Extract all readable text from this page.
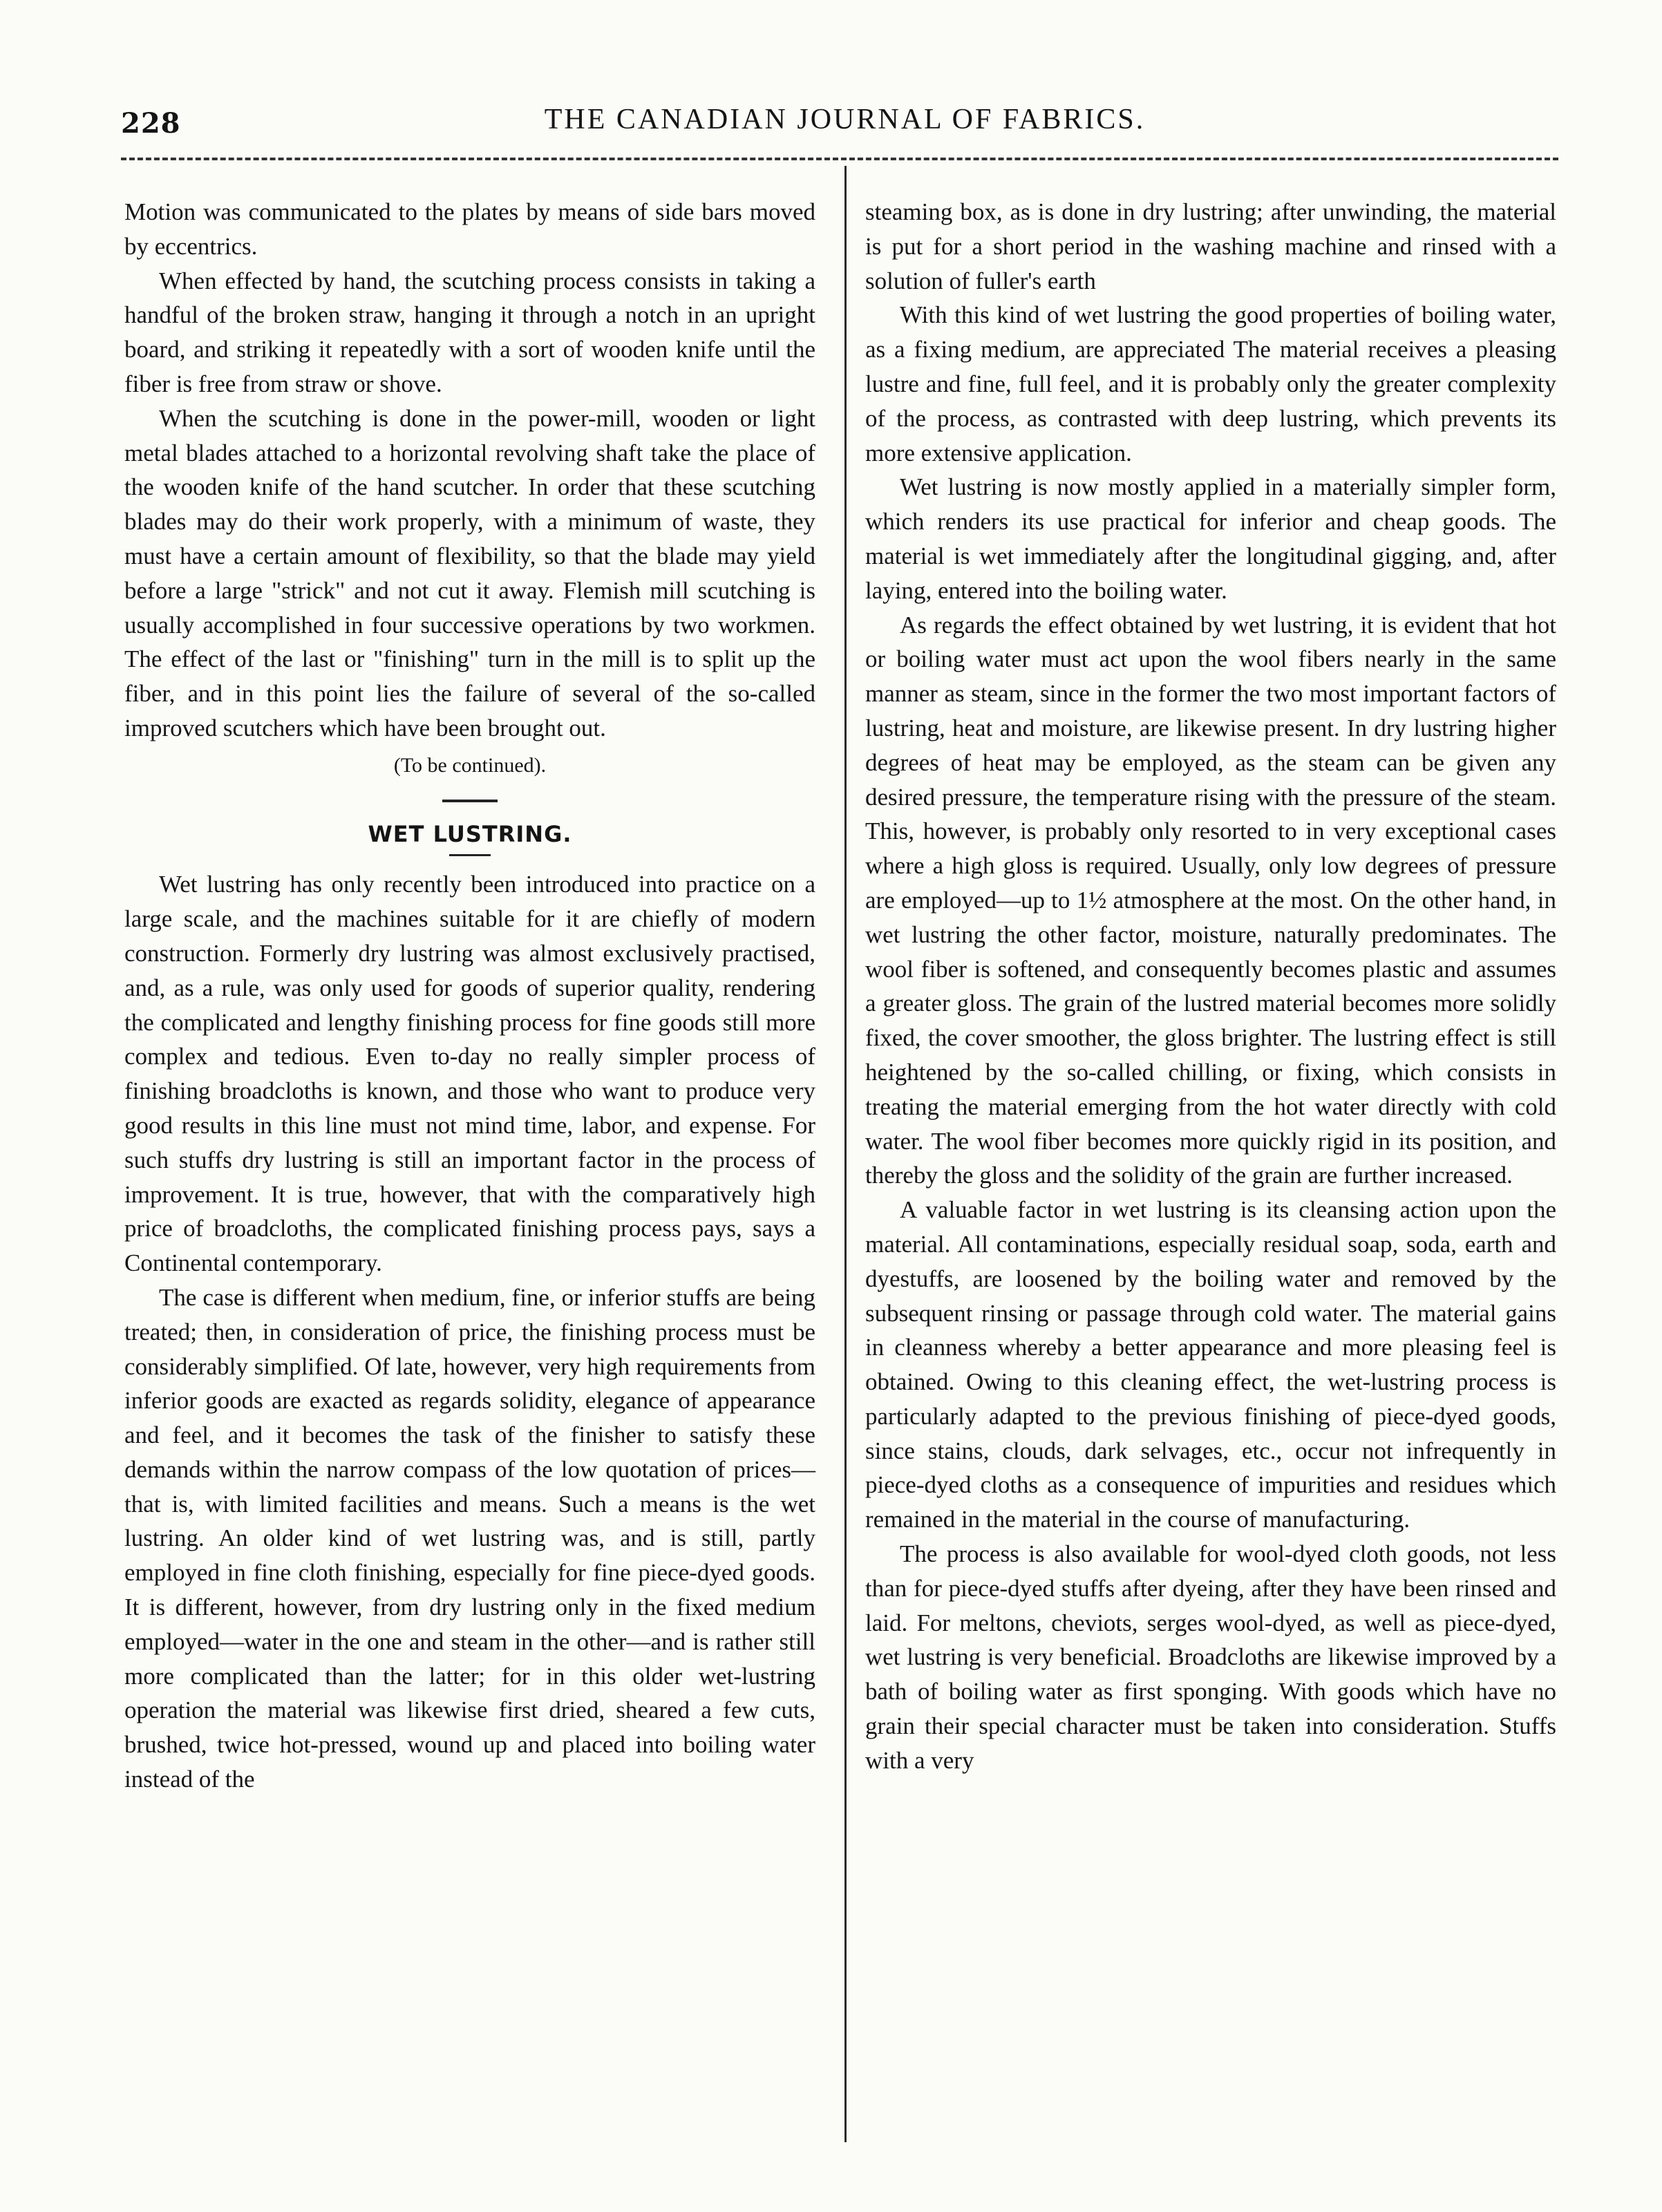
228	THE CANADIAN JOURNAL OF FABRICS.

Motion was communicated to the plates by means of side bars moved by eccentrics.

When effected by hand, the scutching process consists in taking a handful of the broken straw, hanging it through a notch in an upright board, and striking it repeatedly with a sort of wooden knife until the fiber is free from straw or shove.

When the scutching is done in the power-mill, wooden or light metal blades attached to a horizontal revolving shaft take the place of the wooden knife of the hand scutcher. In order that these scutching blades may do their work properly, with a minimum of waste, they must have a certain amount of flexibility, so that the blade may yield before a large "strick" and not cut it away. Flemish mill scutching is usually accomplished in four successive operations by two workmen. The effect of the last or "finishing" turn in the mill is to split up the fiber, and in this point lies the failure of several of the so-called improved scutchers which have been brought out.

(To be continued).
WET LUSTRING.

Wet lustring has only recently been introduced into practice on a large scale, and the machines suitable for it are chiefly of modern construction. Formerly dry lustring was almost exclusively practised, and, as a rule, was only used for goods of superior quality, rendering the complicated and lengthy finishing process for fine goods still more complex and tedious. Even to-day no really simpler process of finishing broadcloths is known, and those who want to produce very good results in this line must not mind time, labor, and expense. For such stuffs dry lustring is still an important factor in the process of improvement. It is true, however, that with the comparatively high price of broadcloths, the complicated finishing process pays, says a Continental contemporary.

The case is different when medium, fine, or inferior stuffs are being treated; then, in consideration of price, the finishing process must be considerably simplified. Of late, however, very high requirements from inferior goods are exacted as regards solidity, elegance of appearance and feel, and it becomes the task of the finisher to satisfy these demands within the narrow compass of the low quotation of prices—that is, with limited facilities and means. Such a means is the wet lustring. An older kind of wet lustring was, and is still, partly employed in fine cloth finishing, especially for fine piece-dyed goods. It is different, however, from dry lustring only in the fixed medium employed—water in the one and steam in the other—and is rather still more complicated than the latter; for in this older wet-lustring operation the material was likewise first dried, sheared a few cuts, brushed, twice hot-pressed, wound up and placed into boiling water instead of the

steaming box, as is done in dry lustring; after unwinding, the material is put for a short period in the washing machine and rinsed with a solution of fuller's earth

With this kind of wet lustring the good properties of boiling water, as a fixing medium, are appreciated The material receives a pleasing lustre and fine, full feel, and it is probably only the greater complexity of the process, as contrasted with deep lustring, which prevents its more extensive application.

Wet lustring is now mostly applied in a materially simpler form, which renders its use practical for inferior and cheap goods. The material is wet immediately after the longitudinal gigging, and, after laying, entered into the boiling water.

As regards the effect obtained by wet lustring, it is evident that hot or boiling water must act upon the wool fibers nearly in the same manner as steam, since in the former the two most important factors of lustring, heat and moisture, are likewise present. In dry lustring higher degrees of heat may be employed, as the steam can be given any desired pressure, the temperature rising with the pressure of the steam. This, however, is probably only resorted to in very exceptional cases where a high gloss is required. Usually, only low degrees of pressure are employed—up to 1½ atmosphere at the most. On the other hand, in wet lustring the other factor, moisture, naturally predominates. The wool fiber is softened, and consequently becomes plastic and assumes a greater gloss. The grain of the lustred material becomes more solidly fixed, the cover smoother, the gloss brighter. The lustring effect is still heightened by the so-called chilling, or fixing, which consists in treating the material emerging from the hot water directly with cold water. The wool fiber becomes more quickly rigid in its position, and thereby the gloss and the solidity of the grain are further increased.

A valuable factor in wet lustring is its cleansing action upon the material. All contaminations, especially residual soap, soda, earth and dyestuffs, are loosened by the boiling water and removed by the subsequent rinsing or passage through cold water. The material gains in cleanness whereby a better appearance and more pleasing feel is obtained. Owing to this cleaning effect, the wet-lustring process is particularly adapted to the previous finishing of piece-dyed goods, since stains, clouds, dark selvages, etc., occur not infrequently in piece-dyed cloths as a consequence of impurities and residues which remained in the material in the course of manufacturing.

The process is also available for wool-dyed cloth goods, not less than for piece-dyed stuffs after dyeing, after they have been rinsed and laid. For meltons, cheviots, serges wool-dyed, as well as piece-dyed, wet lustring is very beneficial. Broadcloths are likewise improved by a bath of boiling water as first sponging. With goods which have no grain their special character must be taken into consideration. Stuffs with a very
